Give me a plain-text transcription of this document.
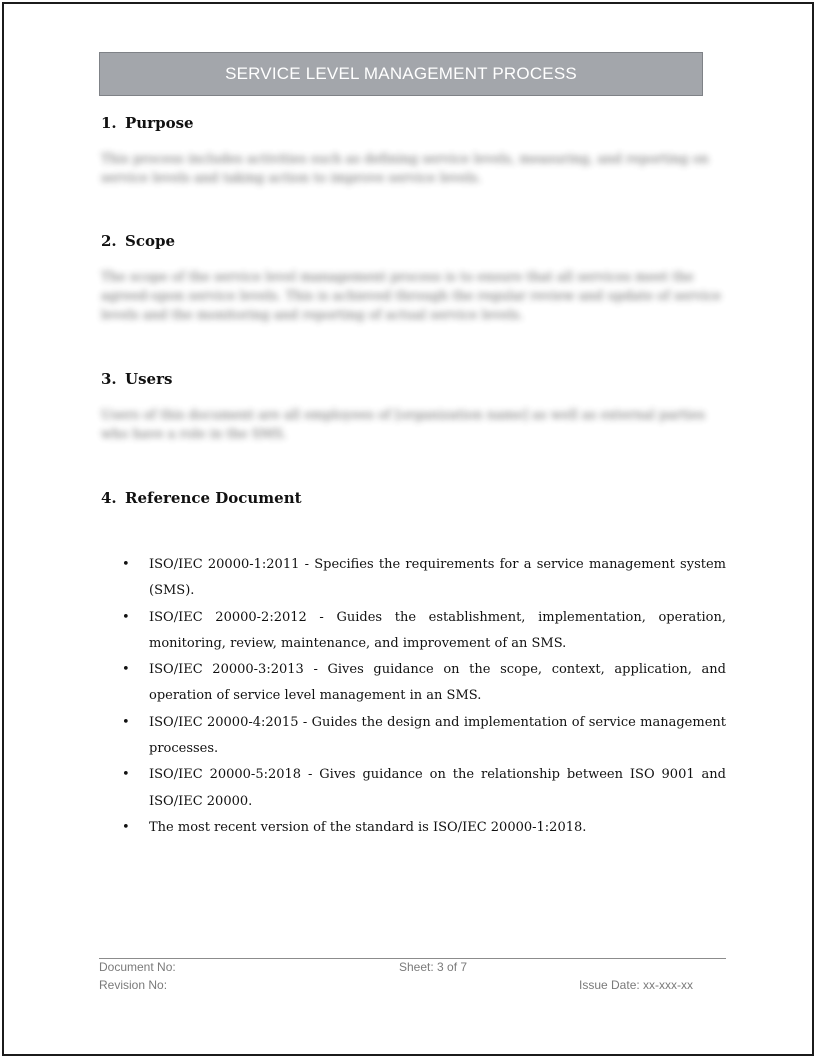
SERVICE LEVEL MANAGEMENT PROCESS
1. Purpose
This process includes activities such as defining service levels, measuring, and reporting on service levels and taking action to improve service levels.
2. Scope
The scope of the service level management process is to ensure that all services meet the agreed-upon service levels. This is achieved through the regular review and update of service levels and the monitoring and reporting of actual service levels.
3. Users
Users of this document are all employees of [organization name] as well as external parties who have a role in the SMS.
4. Reference Document
• ISO/IEC 20000-1:2011 - Specifies the requirements for a service management system (SMS).
• ISO/IEC 20000-2:2012 - Guides the establishment, implementation, operation, monitoring, review, maintenance, and improvement of an SMS.
• ISO/IEC 20000-3:2013 - Gives guidance on the scope, context, application, and operation of service level management in an SMS.
• ISO/IEC 20000-4:2015 - Guides the design and implementation of service management processes.
• ISO/IEC 20000-5:2018 - Gives guidance on the relationship between ISO 9001 and ISO/IEC 20000.
• The most recent version of the standard is ISO/IEC 20000-1:2018.
Document No:
Revision No:
Sheet: 3 of 7
Issue Date: xx-xxx-xx
